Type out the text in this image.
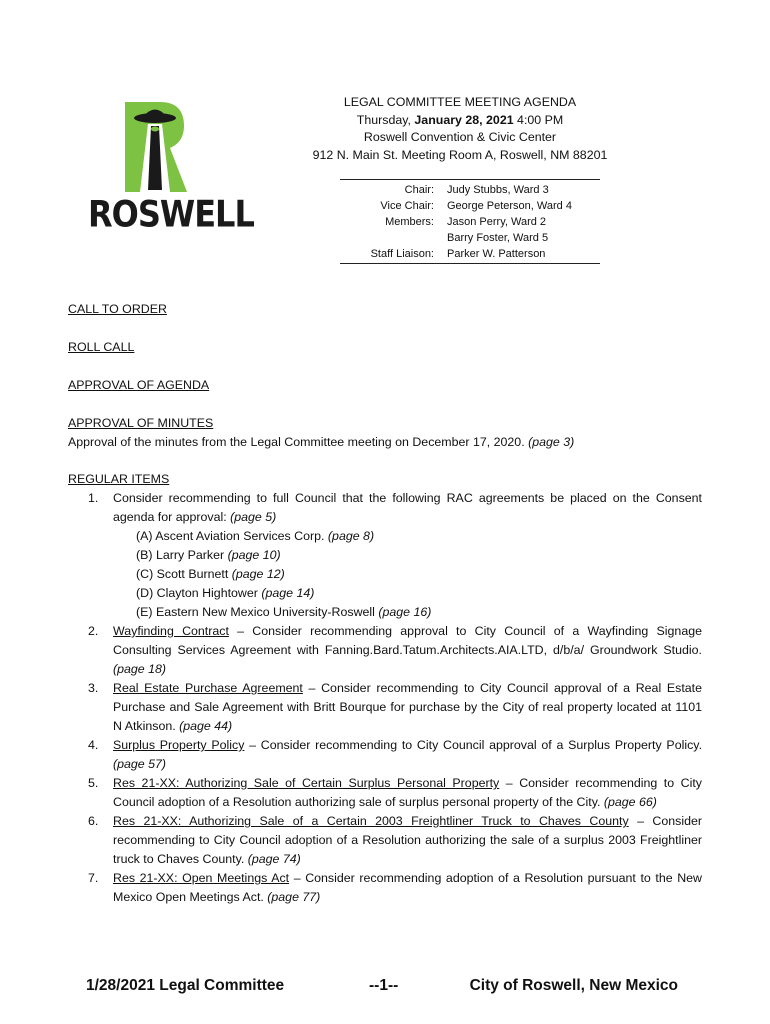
ROSWELL
LEGAL COMMITTEE MEETING AGENDA
Thursday, January 28, 2021 4:00 PM
Roswell Convention & Civic Center
912 N. Main St. Meeting Room A, Roswell, NM 88201
Chair:	Judy Stubbs, Ward 3
Vice Chair:	George Peterson, Ward 4
Members:	Jason Perry, Ward 2
Barry Foster, Ward 5
Staff Liaison:	Parker W. Patterson
CALL TO ORDER
ROLL CALL
APPROVAL OF AGENDA
APPROVAL OF MINUTES
Approval of the minutes from the Legal Committee meeting on December 17, 2020. (page 3)
REGULAR ITEMS
1. Consider recommending to full Council that the following RAC agreements be placed on the Consent agenda for approval: (page 5)
(A) Ascent Aviation Services Corp. (page 8)
(B) Larry Parker (page 10)
(C) Scott Burnett (page 12)
(D) Clayton Hightower (page 14)
(E) Eastern New Mexico University-Roswell (page 16)
2. Wayfinding Contract – Consider recommending approval to City Council of a Wayfinding Signage Consulting Services Agreement with Fanning.Bard.Tatum.Architects.AIA.LTD, d/b/a/ Groundwork Studio. (page 18)
3. Real Estate Purchase Agreement – Consider recommending to City Council approval of a Real Estate Purchase and Sale Agreement with Britt Bourque for purchase by the City of real property located at 1101 N Atkinson. (page 44)
4. Surplus Property Policy – Consider recommending to City Council approval of a Surplus Property Policy. (page 57)
5. Res 21-XX: Authorizing Sale of Certain Surplus Personal Property – Consider recommending to City Council adoption of a Resolution authorizing sale of surplus personal property of the City. (page 66)
6. Res 21-XX: Authorizing Sale of a Certain 2003 Freightliner Truck to Chaves County – Consider recommending to City Council adoption of a Resolution authorizing the sale of a surplus 2003 Freightliner truck to Chaves County. (page 74)
7. Res 21-XX: Open Meetings Act – Consider recommending adoption of a Resolution pursuant to the New Mexico Open Meetings Act. (page 77)
1/28/2021 Legal Committee	--1--	City of Roswell, New Mexico
